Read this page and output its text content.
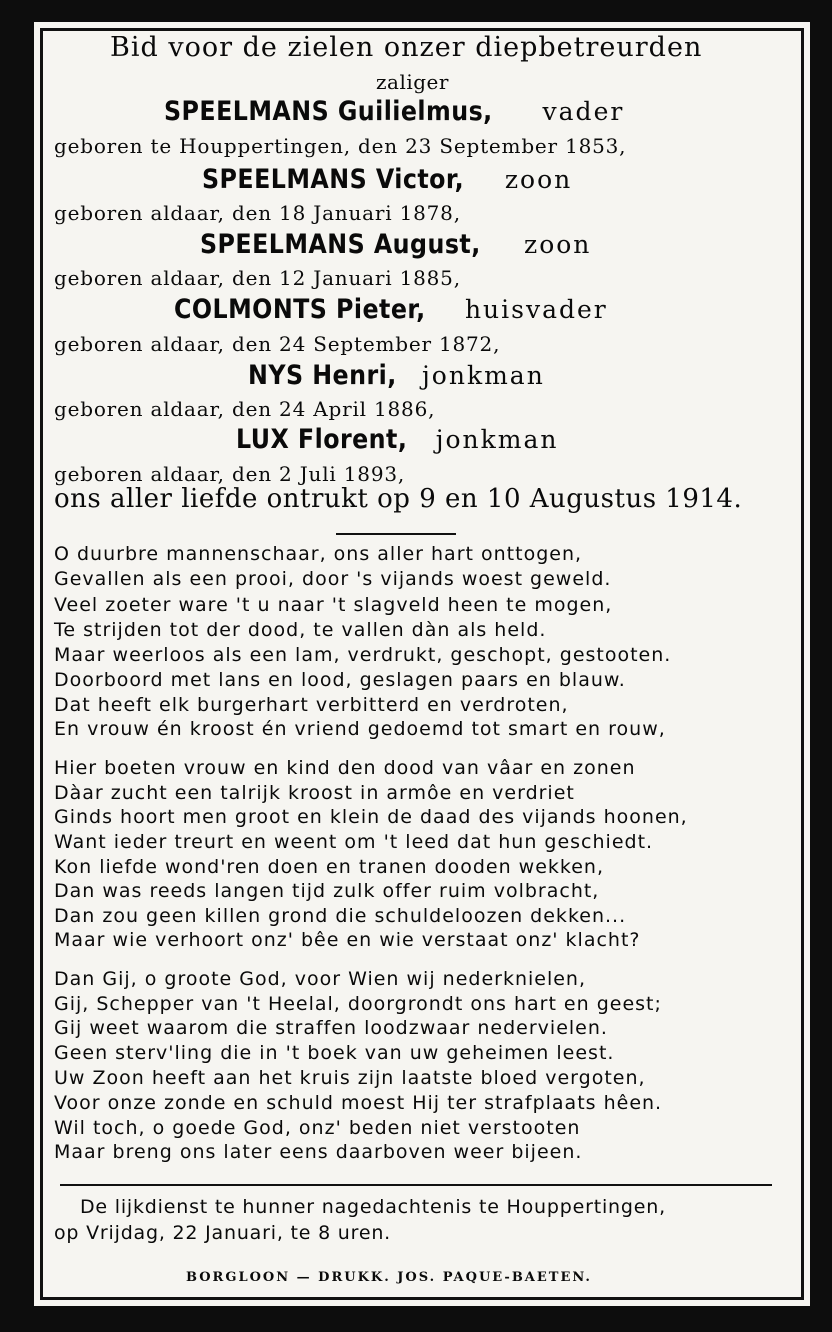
Bid voor de zielen onzer diepbetreurden
zaliger
SPEELMANS Guilielmus, vader
geboren te Houppertingen, den 23 September 1853,
SPEELMANS Victor, zoon
geboren aldaar, den 18 Januari 1878,
SPEELMANS August, zoon
geboren aldaar, den 12 Januari 1885,
COLMONTS Pieter, huisvader
geboren aldaar, den 24 September 1872,
NYS Henri, jonkman
geboren aldaar, den 24 April 1886,
LUX Florent, jonkman
geboren aldaar, den 2 Juli 1893,
ons aller liefde ontrukt op 9 en 10 Augustus 1914.
O duurbre mannenschaar, ons aller hart onttogen,
Gevallen als een prooi, door 's vijands woest geweld.
Veel zoeter ware 't u naar 't slagveld heen te mogen,
Te strijden tot der dood, te vallen dàn als held.
Maar weerloos als een lam, verdrukt, geschopt, gestooten.
Doorboord met lans en lood, geslagen paars en blauw.
Dat heeft elk burgerhart verbitterd en verdroten,
En vrouw én kroost én vriend gedoemd tot smart en rouw,
Hier boeten vrouw en kind den dood van vâar en zonen
Dàar zucht een talrijk kroost in armôe en verdriet
Ginds hoort men groot en klein de daad des vijands hoonen,
Want ieder treurt en weent om 't leed dat hun geschiedt.
Kon liefde wond'ren doen en tranen dooden wekken,
Dan was reeds langen tijd zulk offer ruim volbracht,
Dan zou geen killen grond die schuldeloozen dekken...
Maar wie verhoort onz' bêe en wie verstaat onz' klacht?
Dan Gij, o groote God, voor Wien wij nederknielen,
Gij, Schepper van 't Heelal, doorgrondt ons hart en geest;
Gij weet waarom die straffen loodzwaar nedervielen.
Geen sterv'ling die in 't boek van uw geheimen leest.
Uw Zoon heeft aan het kruis zijn laatste bloed vergoten,
Voor onze zonde en schuld moest Hij ter strafplaats hêen.
Wil toch, o goede God, onz' beden niet verstooten
Maar breng ons later eens daarboven weer bijeen.
De lijkdienst te hunner nagedachtenis te Houppertingen,
op Vrijdag, 22 Januari, te 8 uren.
BORGLOON — DRUKK. JOS. PAQUE-BAETEN.
